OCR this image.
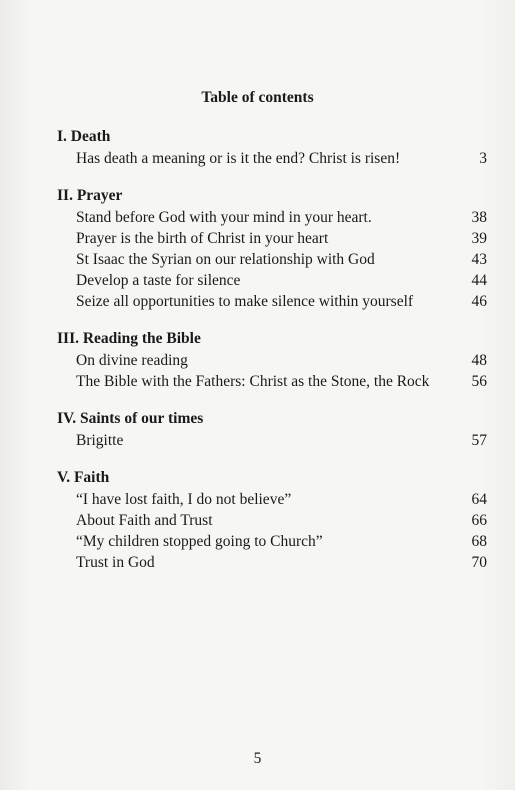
Table of contents
I. Death
Has death a meaning or is it the end? Christ is risen!	3
II. Prayer
Stand before God with your mind in your heart.	38
Prayer is the birth of Christ in your heart	39
St Isaac the Syrian on our relationship with God	43
Develop a taste for silence	44
Seize all opportunities to make silence within yourself	46
III. Reading the Bible
On divine reading	48
The Bible with the Fathers: Christ as the Stone, the Rock	56
IV. Saints of our times
Brigitte	57
V. Faith
“I have lost faith, I do not believe”	64
About Faith and Trust	66
“My children stopped going to Church”	68
Trust in God	70
5
